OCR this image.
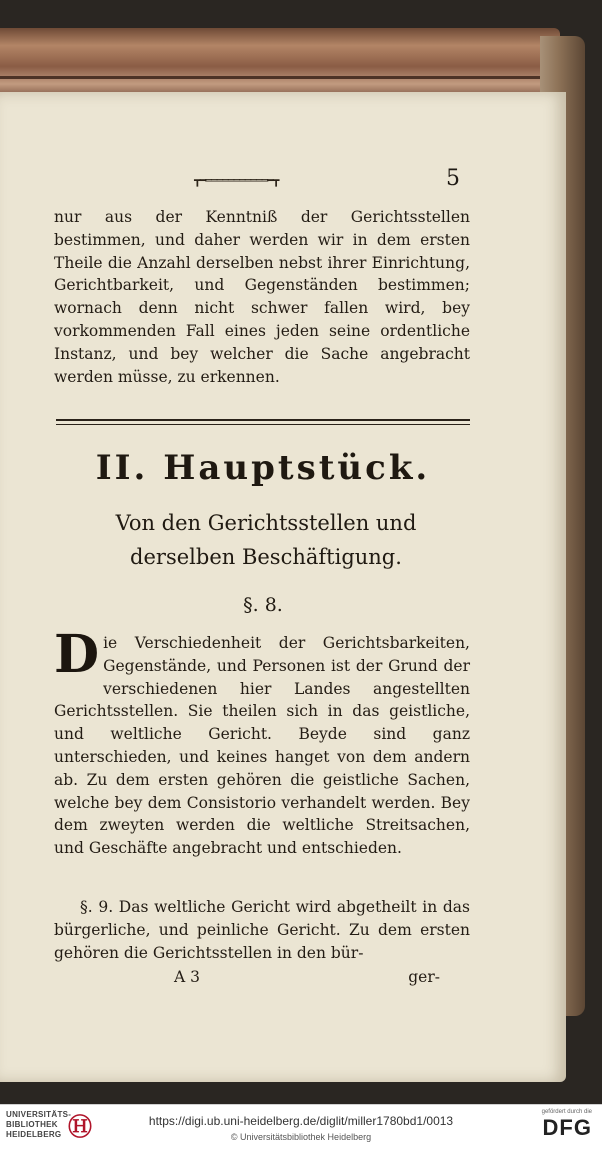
┳━═══════════━┳	5
nur aus der Kenntniß der Gerichtsstellen bestimmen, und daher werden wir in dem ersten Theile die Anzahl derselben nebst ihrer Einrichtung, Gerichtbarkeit, und Gegenständen bestimmen; wornach denn nicht schwer fallen wird, bey vorkommenden Fall eines jeden seine ordentliche Instanz, und bey welcher die Sache angebracht werden müsse, zu erkennen.
II. Hauptstück.
Von den Gerichtsstellen und derselben Beschäftigung.
§. 8.
D ie Verschiedenheit der Gerichtsbarkeiten, Gegenstände, und Personen ist der Grund der verschiedenen hier Landes angestellten Gerichtsstellen. Sie theilen sich in das geistliche, und weltliche Gericht. Beyde sind ganz unterschieden, und keines hanget von dem andern ab. Zu dem ersten gehören die geistliche Sachen, welche bey dem Consistorio verhandelt werden. Bey dem zweyten werden die weltliche Streitsachen, und Geschäfte angebracht und entschieden.
§. 9. Das weltliche Gericht wird abgetheilt in das bürgerliche, und peinliche Gericht. Zu dem ersten gehören die Gerichtsstellen in den bür-
A 3	ger-
UNIVERSITÄTS-
BIBLIOTHEK
HEIDELBERG Ⓗ	https://digi.ub.uni-heidelberg.de/diglit/miller1780bd1/0013
© Universitätsbibliothek Heidelberg
gefördert durch die
DFG
